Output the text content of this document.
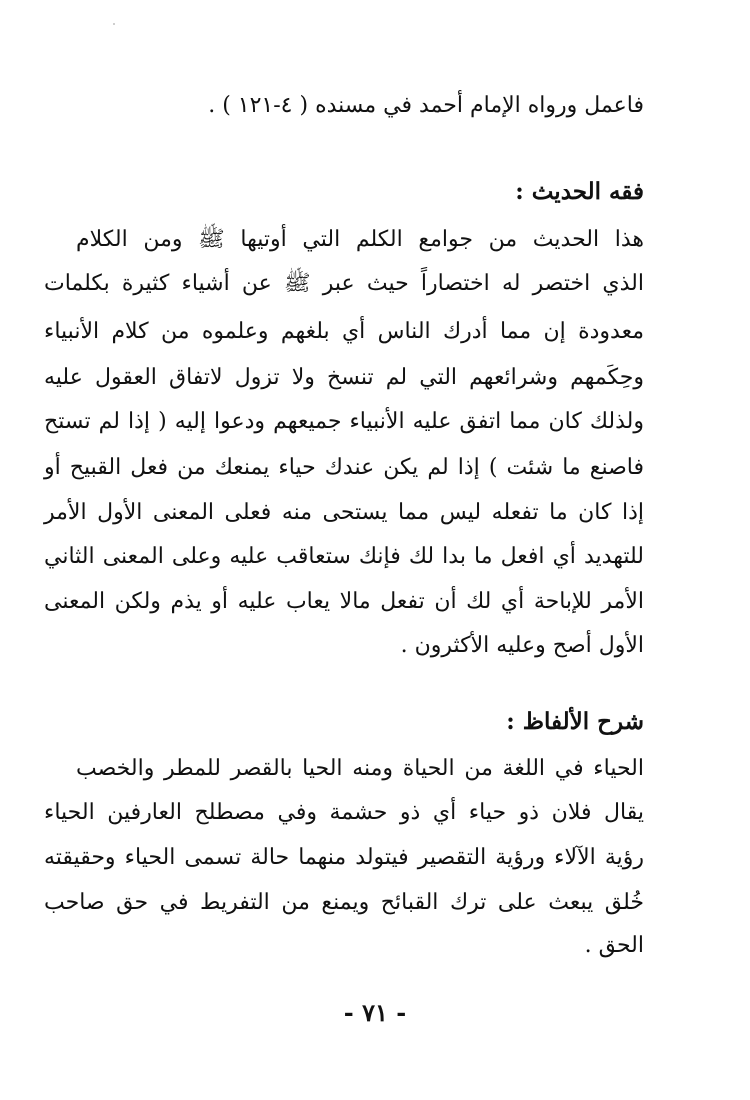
فاعمل ورواه الإمام أحمد في مسنده ( ٤-١٢١ ) .
فقه الحديث :
هذا الحديث من جوامع الكلم التي أوتيها ﷺ ومن الكلام
الذي اختصر له اختصاراً حيث عبر ﷺ عن أشياء كثيرة بكلمات
معدودة إن مما أدرك الناس أي بلغهم وعلموه من كلام الأنبياء
وحِكَمهم وشرائعهم التي لم تنسخ ولا تزول لاتفاق العقول عليه
ولذلك كان مما اتفق عليه الأنبياء جميعهم ودعوا إليه ( إذا لم تستح
فاصنع ما شئت ) إذا لم يكن عندك حياء يمنعك من فعل القبيح أو
إذا كان ما تفعله ليس مما يستحى منه فعلى المعنى الأول الأمر
للتهديد أي افعل ما بدا لك فإنك ستعاقب عليه وعلى المعنى الثاني
الأمر للإباحة أي لك أن تفعل مالا يعاب عليه أو يذم ولكن المعنى
الأول أصح وعليه الأكثرون .
شرح الألفاظ :
الحياء في اللغة من الحياة ومنه الحيا بالقصر للمطر والخصب
يقال فلان ذو حياء أي ذو حشمة وفي مصطلح العارفين الحياء
رؤية الآلاء ورؤية التقصير فيتولد منهما حالة تسمى الحياء وحقيقته
خُلق يبعث على ترك القبائح ويمنع من التفريط في حق صاحب
الحق .
- ٧١ -
